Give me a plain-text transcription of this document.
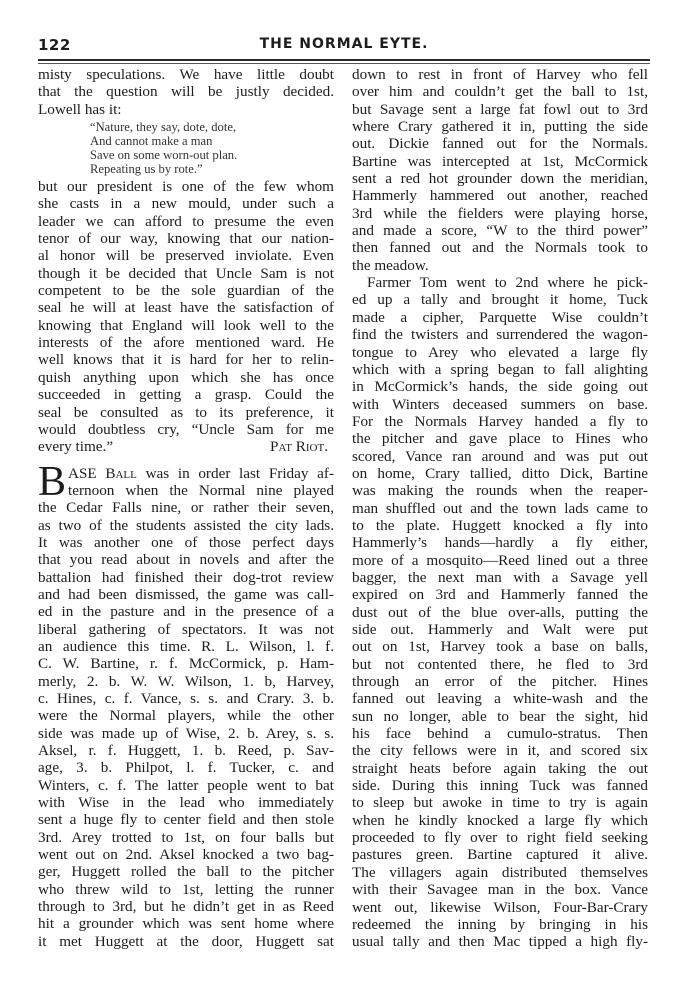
122	THE NORMAL EYTE.
misty speculations. We have little doubt
that the question will be justly decided.
Lowell has it:
“Nature, they say, dote, dote,
And cannot make a man
Save on some worn-out plan.
Repeating us by rote.”
but our president is one of the few whom
she casts in a new mould, under such a
leader we can afford to presume the even
tenor of our way, knowing that our nation-
al honor will be preserved inviolate. Even
though it be decided that Uncle Sam is not
competent to be the sole guardian of the
seal he will at least have the satisfaction of
knowing that England will look well to the
interests of the afore mentioned ward. He
well knows that it is hard for her to relin-
quish anything upon which she has once
succeeded in getting a grasp. Could the
seal be consulted as to its preference, it
would doubtless cry, “Uncle Sam for me
every time.”	Pat Riot.
B ASE Ball was in order last Friday af-
ternoon when the Normal nine played
the Cedar Falls nine, or rather their seven,
as two of the students assisted the city lads.
It was another one of those perfect days
that you read about in novels and after the
battalion had finished their dog-trot review
and had been dismissed, the game was call-
ed in the pasture and in the presence of a
liberal gathering of spectators. It was not
an audience this time. R. L. Wilson, l. f.
C. W. Bartine, r. f. McCormick, p. Ham-
merly, 2. b. W. W. Wilson, 1. b, Harvey,
c. Hines, c. f. Vance, s. s. and Crary. 3. b.
were the Normal players, while the other
side was made up of Wise, 2. b. Arey, s. s.
Aksel, r. f. Huggett, 1. b. Reed, p. Sav-
age, 3. b. Philpot, l. f. Tucker, c. and
Winters, c. f. The latter people went to bat
with Wise in the lead who immediately
sent a huge fly to center field and then stole
3rd. Arey trotted to 1st, on four balls but
went out on 2nd. Aksel knocked a two bag-
ger, Huggett rolled the ball to the pitcher
who threw wild to 1st, letting the runner
through to 3rd, but he didn’t get in as Reed
hit a grounder which was sent home where
it met Huggett at the door, Huggett sat
down to rest in front of Harvey who fell
over him and couldn’t get the ball to 1st,
but Savage sent a large fat fowl out to 3rd
where Crary gathered it in, putting the side
out. Dickie fanned out for the Normals.
Bartine was intercepted at 1st, McCormick
sent a red hot grounder down the meridian,
Hammerly hammered out another, reached
3rd while the fielders were playing horse,
and made a score, “W to the third power”
then fanned out and the Normals took to
the meadow.
Farmer Tom went to 2nd where he pick-
ed up a tally and brought it home, Tuck
made a cipher, Parquette Wise couldn’t
find the twisters and surrendered the wagon-
tongue to Arey who elevated a large fly
which with a spring began to fall alighting
in McCormick’s hands, the side going out
with Winters deceased summers on base.
For the Normals Harvey handed a fly to
the pitcher and gave place to Hines who
scored, Vance ran around and was put out
on home, Crary tallied, ditto Dick, Bartine
was making the rounds when the reaper-
man shuffled out and the town lads came to
to the plate. Huggett knocked a fly into
Hammerly’s hands—hardly a fly either,
more of a mosquito—Reed lined out a three
bagger, the next man with a Savage yell
expired on 3rd and Hammerly fanned the
dust out of the blue over-alls, putting the
side out. Hammerly and Walt were put
out on 1st, Harvey took a base on balls,
but not contented there, he fled to 3rd
through an error of the pitcher. Hines
fanned out leaving a white-wash and the
sun no longer, able to bear the sight, hid
his face behind a cumulo-stratus. Then
the city fellows were in it, and scored six
straight heats before again taking the out
side. During this inning Tuck was fanned
to sleep but awoke in time to try is again
when he kindly knocked a large fly which
proceeded to fly over to right field seeking
pastures green. Bartine captured it alive.
The villagers again distributed themselves
with their Savagee man in the box. Vance
went out, likewise Wilson, Four-Bar-Crary
redeemed the inning by bringing in his
usual tally and then Mac tipped a high fly-
